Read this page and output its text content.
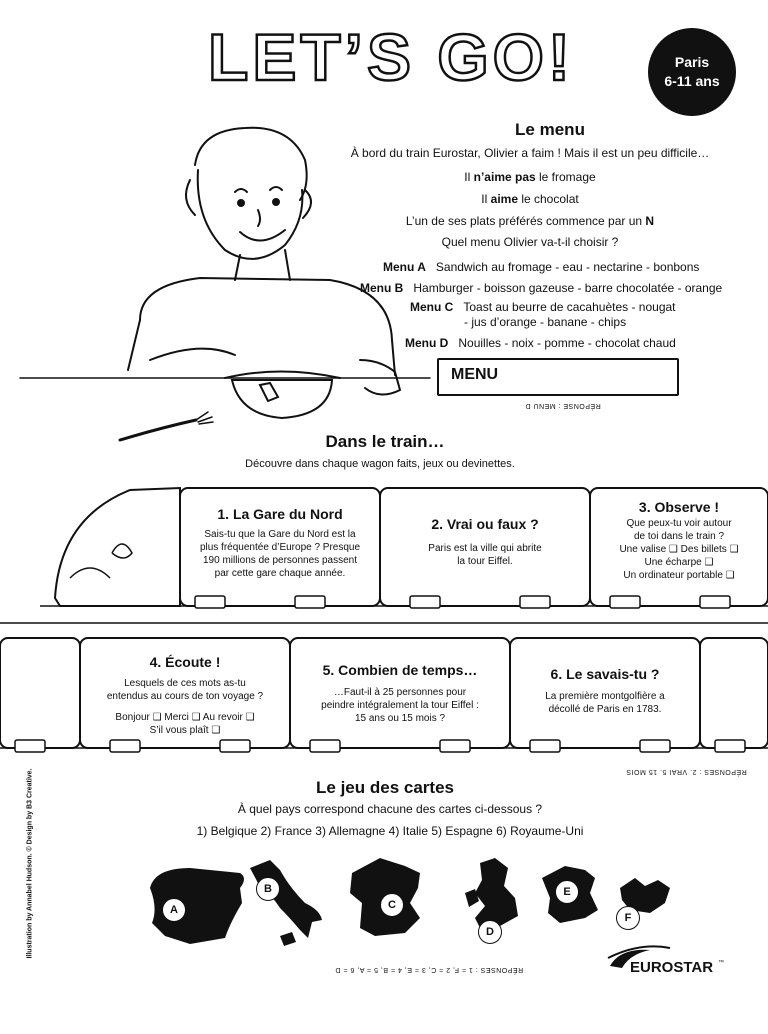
LET’S GO!	Paris
6-11 ans
Le menu
À bord du train Eurostar, Olivier a faim ! Mais il est un peu difficile…
Il n’aime pas le fromage
Il aime le chocolat
L’un de ses plats préférés commence par un N
Quel menu Olivier va-t-il choisir ?
Menu A Sandwich au fromage - eau - nectarine - bonbons
Menu B Hamburger - boisson gazeuse - barre chocolatée - orange
Menu C Toast au beurre de cacahuètes - nougat
- jus d’orange - banane - chips
Menu D Nouilles - noix - pomme - chocolat chaud
MENU
RÉPONSE : MENU D
Dans le train…
Découvre dans chaque wagon faits, jeux ou devinettes.
1. La Gare du Nord
Sais-tu que la Gare du Nord est la
plus fréquentée d’Europe ? Presque
190 millions de personnes passent
par cette gare chaque année.
2. Vrai ou faux ?
Paris est la ville qui abrite
la tour Eiffel.
3. Observe !
Que peux-tu voir autour
de toi dans le train ?
Une valise ❑ Des billets ❑
Une écharpe ❑
Un ordinateur portable ❑
4. Écoute !
Lesquels de ces mots as-tu
entendus au cours de ton voyage ?
Bonjour ❑ Merci ❑ Au revoir ❑
S’il vous plaît ❑
5. Combien de temps…
…Faut-il à 25 personnes pour
peindre intégralement la tour Eiffel :
15 ans ou 15 mois ?
6. Le savais-tu ?
La première montgolfière a
décollé de Paris en 1783.
RÉPONSES : 2. VRAI 5. 15 MOIS
Le jeu des cartes
À quel pays correspond chacune des cartes ci-dessous ?
1) Belgique 2) France 3) Allemagne 4) Italie 5) Espagne 6) Royaume-Uni
A
B
C
D
E
F
RÉPONSES : 1 = F, 2 = C, 3 = E, 4 = B, 5 = A, 6 = D
Illustration by Annabel Hudson. © Design by B3 Creative.
EUROSTAR ™
